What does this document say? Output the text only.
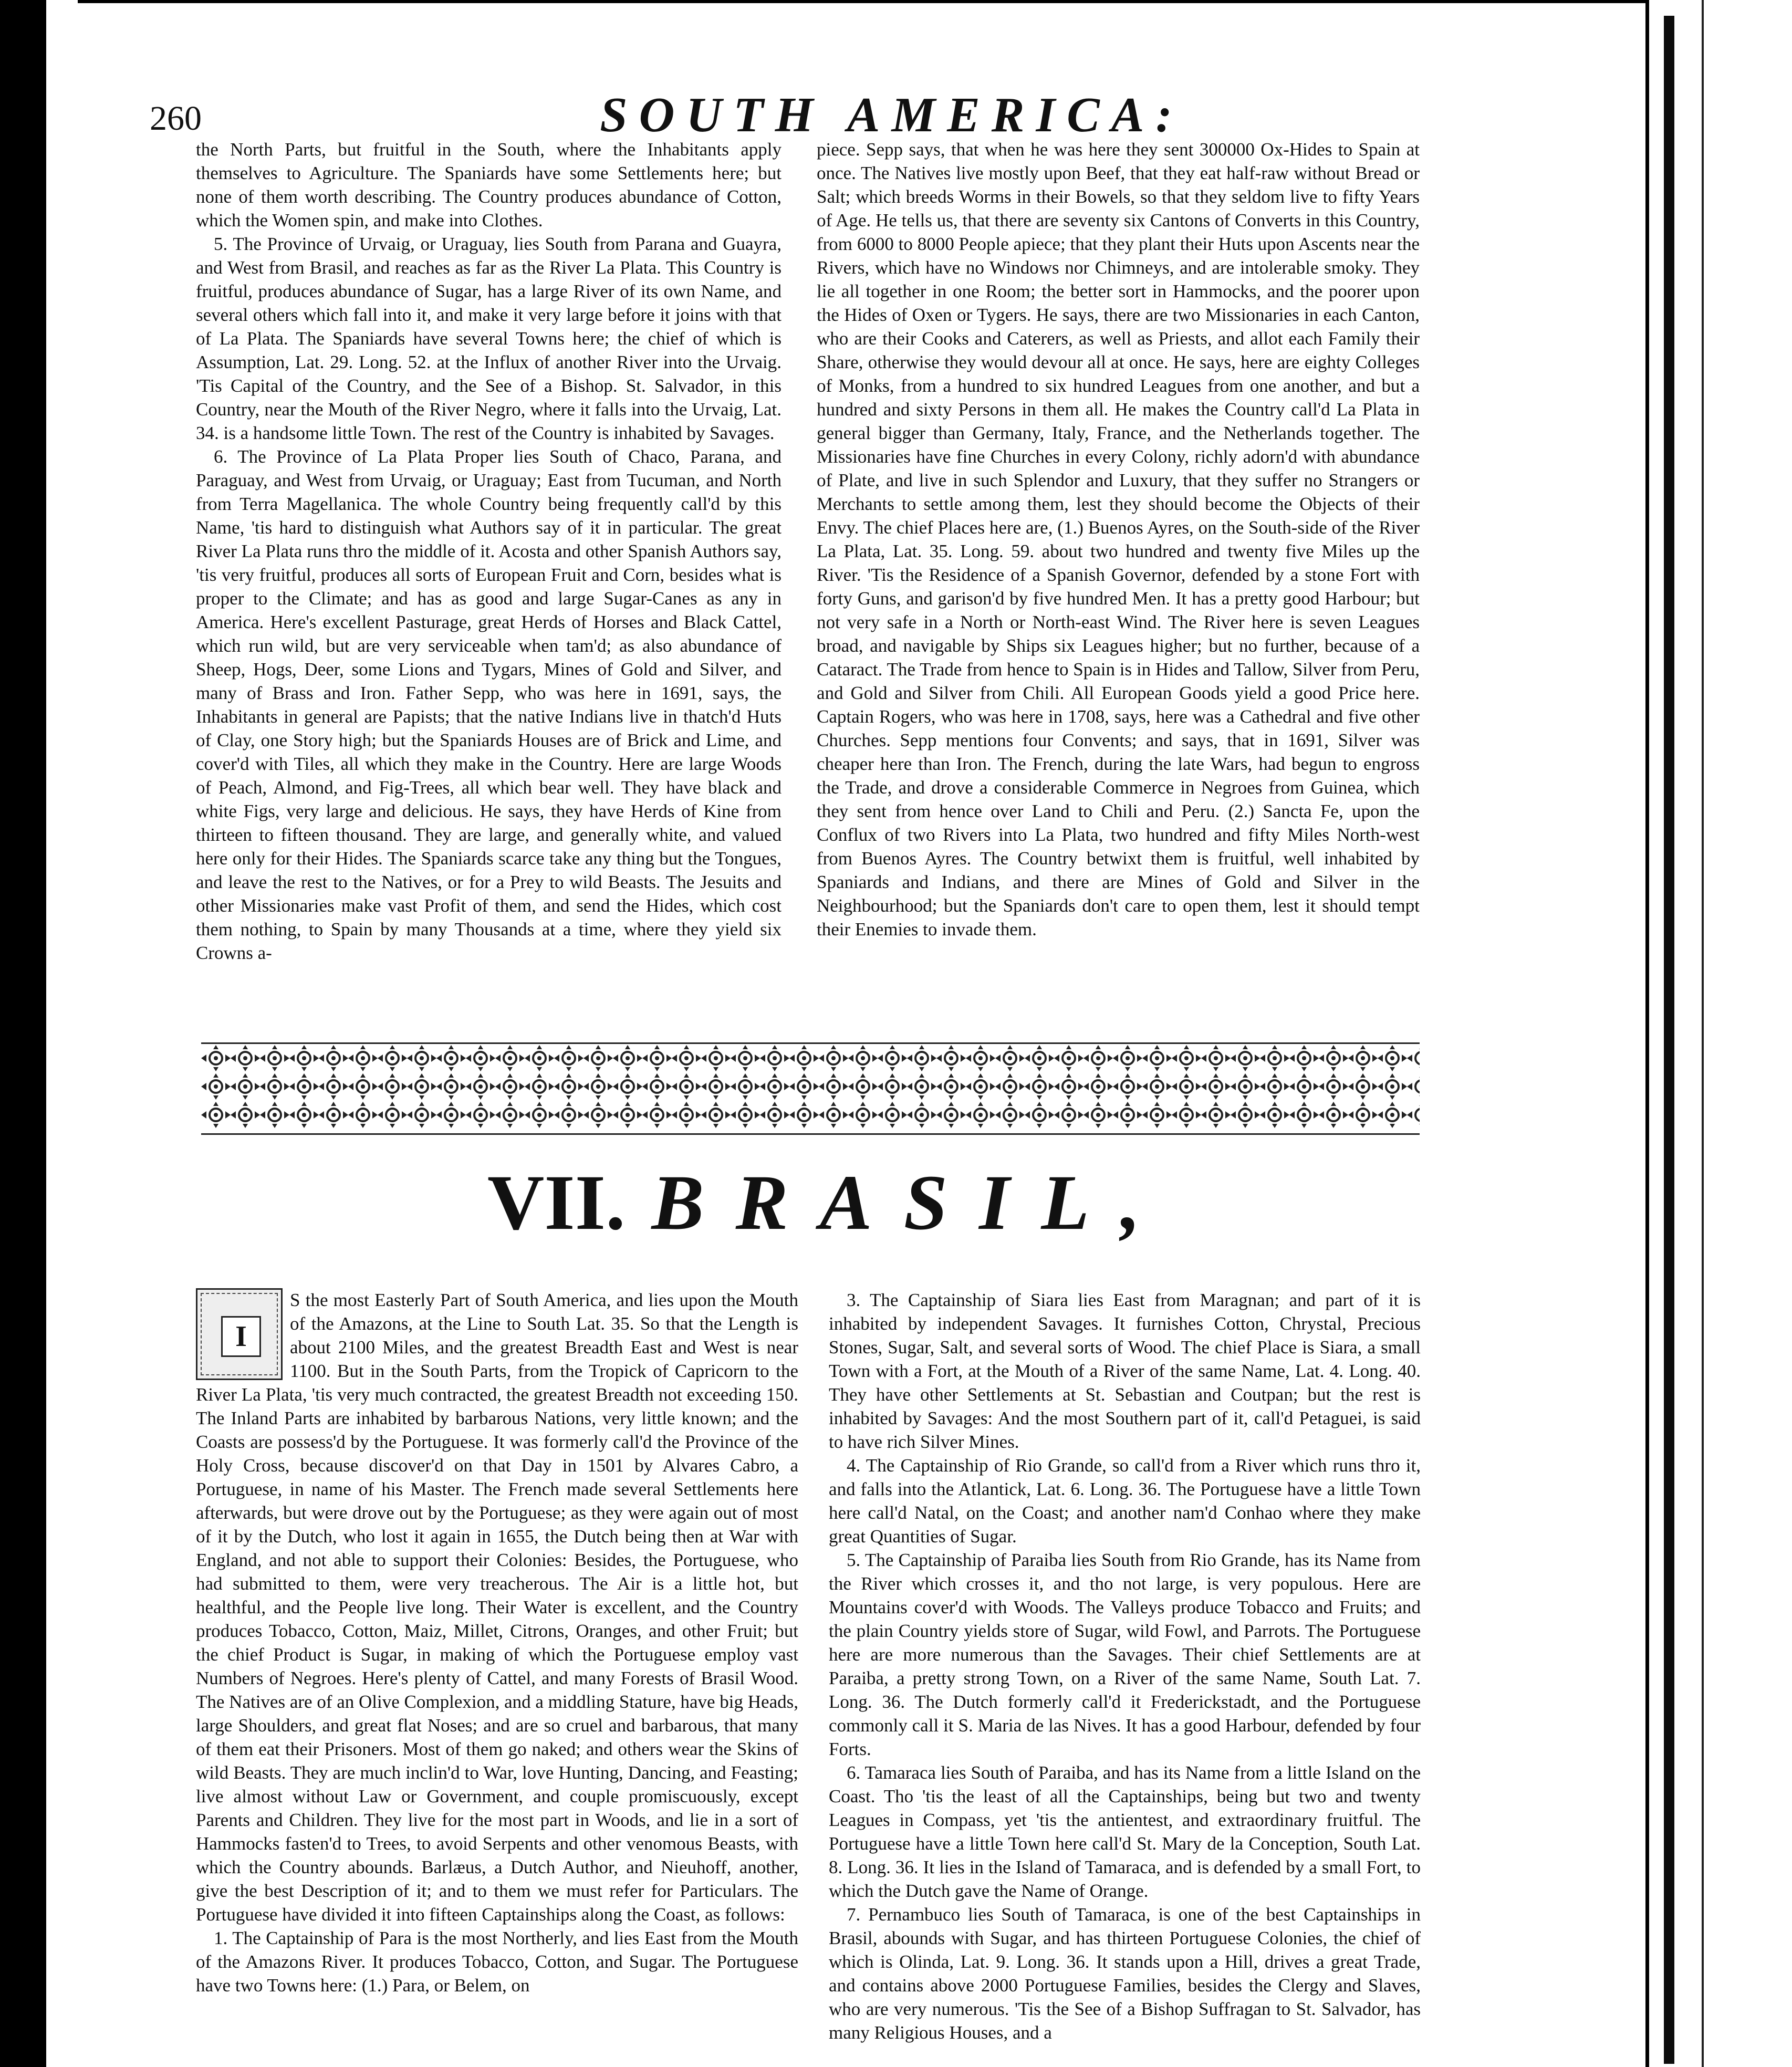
260	SOUTH AMERICA:

the North Parts, but fruitful in the South, where the Inhabitants apply themselves to Agriculture. The Spaniards have some Settlements here; but none of them worth describing. The Country produces abundance of Cotton, which the Women spin, and make into Clothes.

5. The Province of Urvaig, or Uraguay, lies South from Parana and Guayra, and West from Brasil, and reaches as far as the River La Plata. This Country is fruitful, produces abundance of Sugar, has a large River of its own Name, and several others which fall into it, and make it very large before it joins with that of La Plata. The Spaniards have several Towns here; the chief of which is Assumption, Lat. 29. Long. 52. at the Influx of another River into the Urvaig. 'Tis Capital of the Country, and the See of a Bishop. St. Salvador, in this Country, near the Mouth of the River Negro, where it falls into the Urvaig, Lat. 34. is a handsome little Town. The rest of the Country is inhabited by Savages.

6. The Province of La Plata Proper lies South of Chaco, Parana, and Paraguay, and West from Urvaig, or Uraguay; East from Tucuman, and North from Terra Magellanica. The whole Country being frequently call'd by this Name, 'tis hard to distinguish what Authors say of it in particular. The great River La Plata runs thro the middle of it. Acosta and other Spanish Authors say, 'tis very fruitful, produces all sorts of European Fruit and Corn, besides what is proper to the Climate; and has as good and large Sugar-Canes as any in America. Here's excellent Pasturage, great Herds of Horses and Black Cattel, which run wild, but are very serviceable when tam'd; as also abundance of Sheep, Hogs, Deer, some Lions and Tygars, Mines of Gold and Silver, and many of Brass and Iron. Father Sepp, who was here in 1691, says, the Inhabitants in general are Papists; that the native Indians live in thatch'd Huts of Clay, one Story high; but the Spaniards Houses are of Brick and Lime, and cover'd with Tiles, all which they make in the Country. Here are large Woods of Peach, Almond, and Fig-Trees, all which bear well. They have black and white Figs, very large and delicious. He says, they have Herds of Kine from thirteen to fifteen thousand. They are large, and generally white, and valued here only for their Hides. The Spaniards scarce take any thing but the Tongues, and leave the rest to the Natives, or for a Prey to wild Beasts. The Jesuits and other Missionaries make vast Profit of them, and send the Hides, which cost them nothing, to Spain by many Thousands at a time, where they yield six Crowns a-

piece. Sepp says, that when he was here they sent 300000 Ox-Hides to Spain at once. The Natives live mostly upon Beef, that they eat half-raw without Bread or Salt; which breeds Worms in their Bowels, so that they seldom live to fifty Years of Age. He tells us, that there are seventy six Cantons of Converts in this Country, from 6000 to 8000 People apiece; that they plant their Huts upon Ascents near the Rivers, which have no Windows nor Chimneys, and are intolerable smoky. They lie all together in one Room; the better sort in Hammocks, and the poorer upon the Hides of Oxen or Tygers. He says, there are two Missionaries in each Canton, who are their Cooks and Caterers, as well as Priests, and allot each Family their Share, otherwise they would devour all at once. He says, here are eighty Colleges of Monks, from a hundred to six hundred Leagues from one another, and but a hundred and sixty Persons in them all. He makes the Country call'd La Plata in general bigger than Germany, Italy, France, and the Netherlands together. The Missionaries have fine Churches in every Colony, richly adorn'd with abundance of Plate, and live in such Splendor and Luxury, that they suffer no Strangers or Merchants to settle among them, lest they should become the Objects of their Envy. The chief Places here are, (1.) Buenos Ayres, on the South-side of the River La Plata, Lat. 35. Long. 59. about two hundred and twenty five Miles up the River. 'Tis the Residence of a Spanish Governor, defended by a stone Fort with forty Guns, and garison'd by five hundred Men. It has a pretty good Harbour; but not very safe in a North or North-east Wind. The River here is seven Leagues broad, and navigable by Ships six Leagues higher; but no further, because of a Cataract. The Trade from hence to Spain is in Hides and Tallow, Silver from Peru, and Gold and Silver from Chili. All European Goods yield a good Price here. Captain Rogers, who was here in 1708, says, here was a Cathedral and five other Churches. Sepp mentions four Convents; and says, that in 1691, Silver was cheaper here than Iron. The French, during the late Wars, had begun to engross the Trade, and drove a considerable Commerce in Negroes from Guinea, which they sent from hence over Land to Chili and Peru. (2.) Sancta Fe, upon the Conflux of two Rivers into La Plata, two hundred and fifty Miles North-west from Buenos Ayres. The Country betwixt them is fruitful, well inhabited by Spaniards and Indians, and there are Mines of Gold and Silver in the Neighbourhood; but the Spaniards don't care to open them, lest it should tempt their Enemies to invade them.

VII. BRASIL,
I

S the most Easterly Part of South America, and lies upon the Mouth of the Amazons, at the Line to South Lat. 35. So that the Length is about 2100 Miles, and the greatest Breadth East and West is near 1100. But in the South Parts, from the Tropick of Capricorn to the River La Plata, 'tis very much contracted, the greatest Breadth not exceeding 150. The Inland Parts are inhabited by barbarous Nations, very little known; and the Coasts are possess'd by the Portuguese. It was formerly call'd the Province of the Holy Cross, because discover'd on that Day in 1501 by Alvares Cabro, a Portuguese, in name of his Master. The French made several Settlements here afterwards, but were drove out by the Portuguese; as they were again out of most of it by the Dutch, who lost it again in 1655, the Dutch being then at War with England, and not able to support their Colonies: Besides, the Portuguese, who had submitted to them, were very treacherous. The Air is a little hot, but healthful, and the People live long. Their Water is excellent, and the Country produces Tobacco, Cotton, Maiz, Millet, Citrons, Oranges, and other Fruit; but the chief Product is Sugar, in making of which the Portuguese employ vast Numbers of Negroes. Here's plenty of Cattel, and many Forests of Brasil Wood. The Natives are of an Olive Complexion, and a middling Stature, have big Heads, large Shoulders, and great flat Noses; and are so cruel and barbarous, that many of them eat their Prisoners. Most of them go naked; and others wear the Skins of wild Beasts. They are much inclin'd to War, love Hunting, Dancing, and Feasting; live almost without Law or Government, and couple promiscuously, except Parents and Children. They live for the most part in Woods, and lie in a sort of Hammocks fasten'd to Trees, to avoid Serpents and other venomous Beasts, with which the Country abounds. Barlæus, a Dutch Author, and Nieuhoff, another, give the best Description of it; and to them we must refer for Particulars. The Portuguese have divided it into fifteen Captainships along the Coast, as follows:

1. The Captainship of Para is the most Northerly, and lies East from the Mouth of the Amazons River. It produces Tobacco, Cotton, and Sugar. The Portuguese have two Towns here: (1.) Para, or Belem, on

3. The Captainship of Siara lies East from Maragnan; and part of it is inhabited by independent Savages. It furnishes Cotton, Chrystal, Precious Stones, Sugar, Salt, and several sorts of Wood. The chief Place is Siara, a small Town with a Fort, at the Mouth of a River of the same Name, Lat. 4. Long. 40. They have other Settlements at St. Sebastian and Coutpan; but the rest is inhabited by Savages: And the most Southern part of it, call'd Petaguei, is said to have rich Silver Mines.

4. The Captainship of Rio Grande, so call'd from a River which runs thro it, and falls into the Atlantick, Lat. 6. Long. 36. The Portuguese have a little Town here call'd Natal, on the Coast; and another nam'd Conhao where they make great Quantities of Sugar.

5. The Captainship of Paraiba lies South from Rio Grande, has its Name from the River which crosses it, and tho not large, is very populous. Here are Mountains cover'd with Woods. The Valleys produce Tobacco and Fruits; and the plain Country yields store of Sugar, wild Fowl, and Parrots. The Portuguese here are more numerous than the Savages. Their chief Settlements are at Paraiba, a pretty strong Town, on a River of the same Name, South Lat. 7. Long. 36. The Dutch formerly call'd it Frederickstadt, and the Portuguese commonly call it S. Maria de las Nives. It has a good Harbour, defended by four Forts.

6. Tamaraca lies South of Paraiba, and has its Name from a little Island on the Coast. Tho 'tis the least of all the Captainships, being but two and twenty Leagues in Compass, yet 'tis the antientest, and extraordinary fruitful. The Portuguese have a little Town here call'd St. Mary de la Conception, South Lat. 8. Long. 36. It lies in the Island of Tamaraca, and is defended by a small Fort, to which the Dutch gave the Name of Orange.

7. Pernambuco lies South of Tamaraca, is one of the best Captainships in Brasil, abounds with Sugar, and has thirteen Portuguese Colonies, the chief of which is Olinda, Lat. 9. Long. 36. It stands upon a Hill, drives a great Trade, and contains above 2000 Portuguese Families, besides the Clergy and Slaves, who are very numerous. 'Tis the See of a Bishop Suffragan to St. Salvador, has many Religious Houses, and a
